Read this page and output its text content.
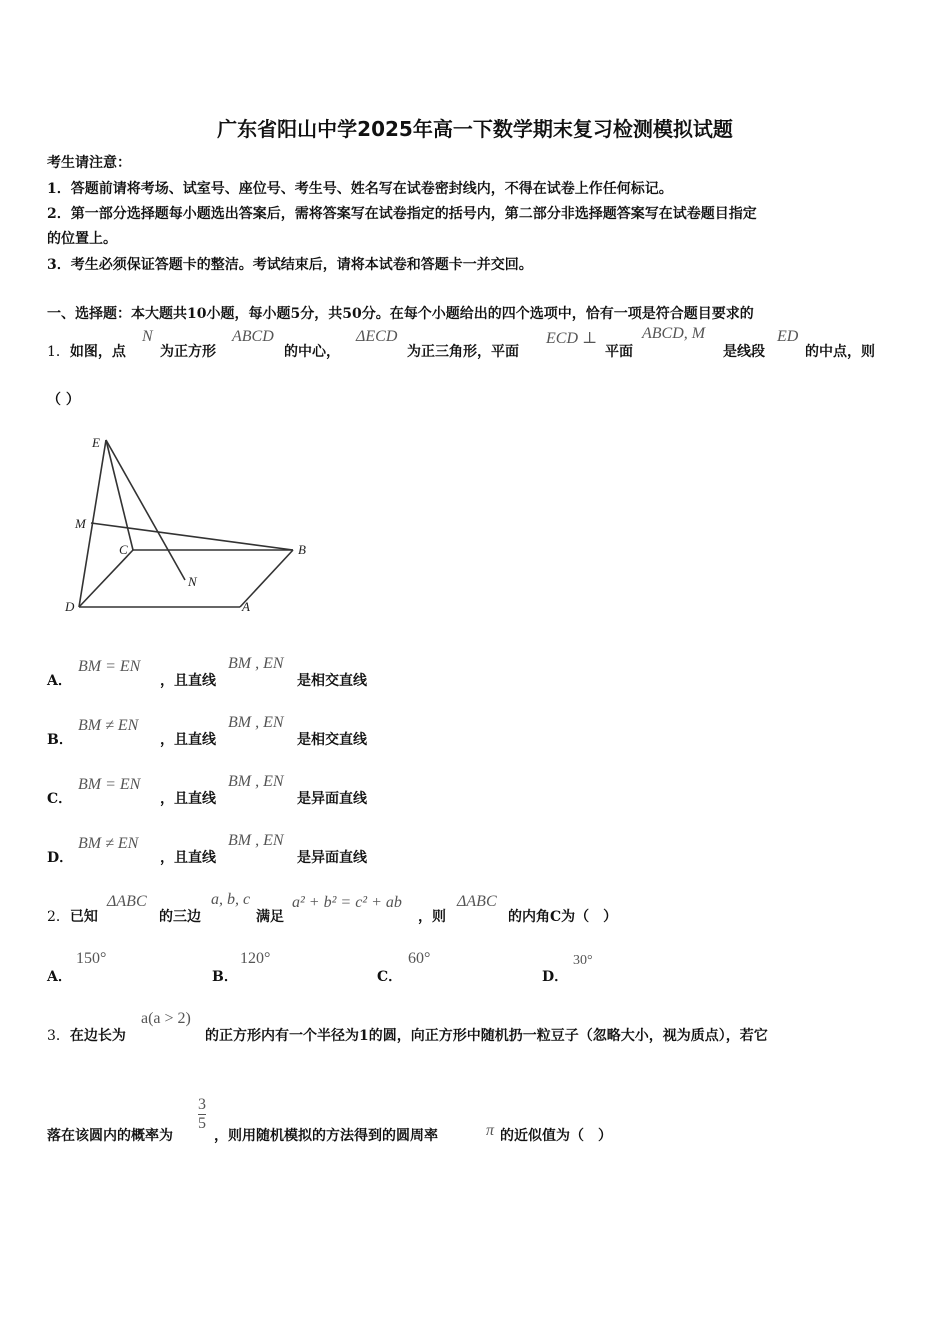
广东省阳山中学2025年高一下数学期末复习检测模拟试题
考生请注意：
1．答题前请将考场、试室号、座位号、考生号、姓名写在试卷密封线内，不得在试卷上作任何标记。
2．第一部分选择题每小题选出答案后，需将答案写在试卷指定的括号内，第二部分非选择题答案写在试卷题目指定
的位置上。
3．考生必须保证答题卡的整洁。考试结束后，请将本试卷和答题卡一并交回。
一、选择题：本大题共10小题，每小题5分，共50分。在每个小题给出的四个选项中，恰有一项是符合题目要求的
1．如图，点
N
为正方形
ABCD
的中心，
ΔECD
为正三角形，平面
ECD ⊥
平面
ABCD, M
是线段
ED
的中点，则
（ ）
E
M
C	B
N
D	A
A．
BM = EN
，且直线
BM , EN
是相交直线
B．
BM ≠ EN
，且直线
BM , EN
是相交直线
C．
BM = EN
，且直线
BM , EN
是异面直线
D．
BM ≠ EN
，且直线
BM , EN
是异面直线
2．已知
ΔABC
的三边
a, b, c
满足
a² + b² = c² + ab
，则
ΔABC
的内角C为（　）
A．
150°
B．
120°
C．
60°
D．
30°
3．在边长为
a(a > 2)
的正方形内有一个半径为1的圆，向正方形中随机扔一粒豆子（忽略大小，视为质点），若它
落在该圆内的概率为
$\frac{3}{5}$
，则用随机模拟的方法得到的圆周率	π 的近似值为（　）
